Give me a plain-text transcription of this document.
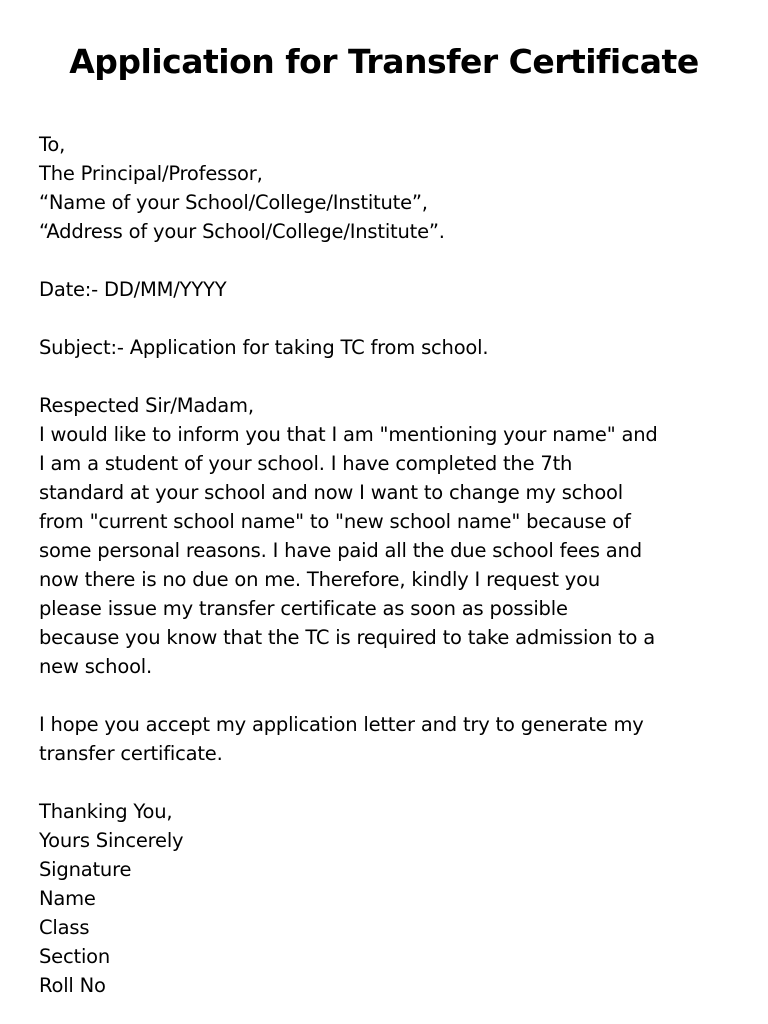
Application for Transfer Certificate
To,
The Principal/Professor,
“Name of your School/College/Institute”,
“Address of your School/College/Institute”.
Date:- DD/MM/YYYY
Subject:- Application for taking TC from school.
Respected Sir/Madam,
I would like to inform you that I am "mentioning your name" and
I am a student of your school. I have completed the 7th
standard at your school and now I want to change my school
from "current school name" to "new school name" because of
some personal reasons. I have paid all the due school fees and
now there is no due on me. Therefore, kindly I request you
please issue my transfer certificate as soon as possible
because you know that the TC is required to take admission to a
new school.
I hope you accept my application letter and try to generate my
transfer certificate.
Thanking You,
Yours Sincerely
Signature
Name
Class
Section
Roll No
